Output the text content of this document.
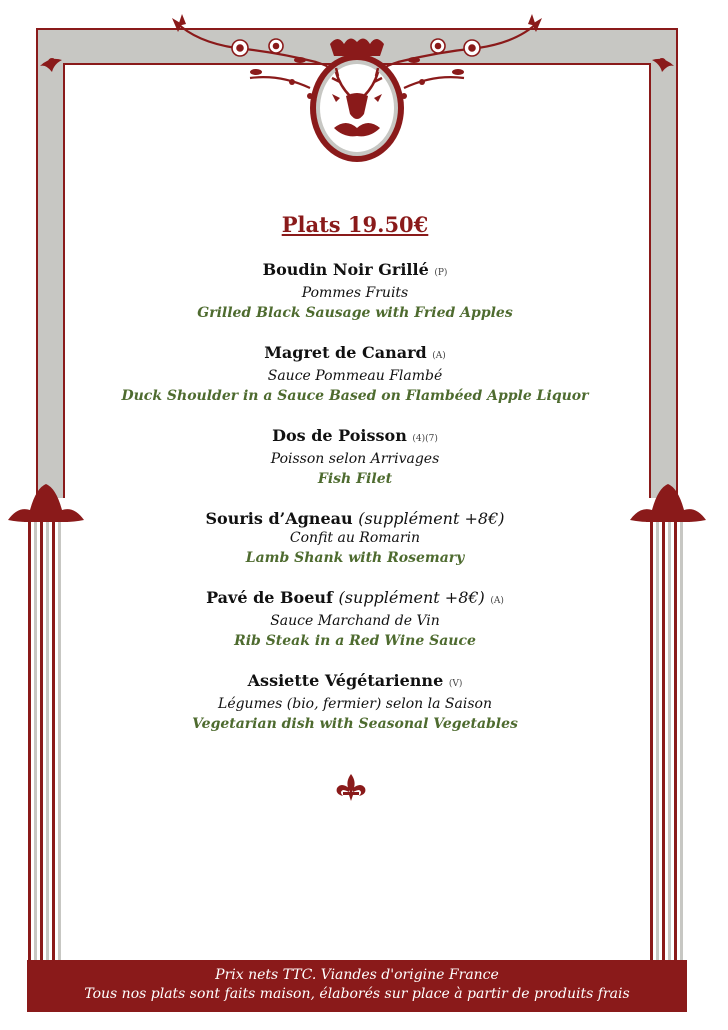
Plats 19.50€
Boudin Noir Grillé (P)
Pommes Fruits
Grilled Black Sausage with Fried Apples
Magret de Canard (A)
Sauce Pommeau Flambé
Duck Shoulder in a Sauce Based on Flambéed Apple Liquor
Dos de Poisson (4)(7)
Poisson selon Arrivages
Fish Filet
Souris d’Agneau (supplément +8€)
Confit au Romarin
Lamb Shank with Rosemary
Pavé de Boeuf (supplément +8€) (A)
Sauce Marchand de Vin
Rib Steak in a Red Wine Sauce
Assiette Végétarienne (V)
Légumes (bio, fermier) selon la Saison
Vegetarian dish with Seasonal Vegetables
Prix nets TTC. Viandes d'origine France
Tous nos plats sont faits maison, élaborés sur place à partir de produits frais
